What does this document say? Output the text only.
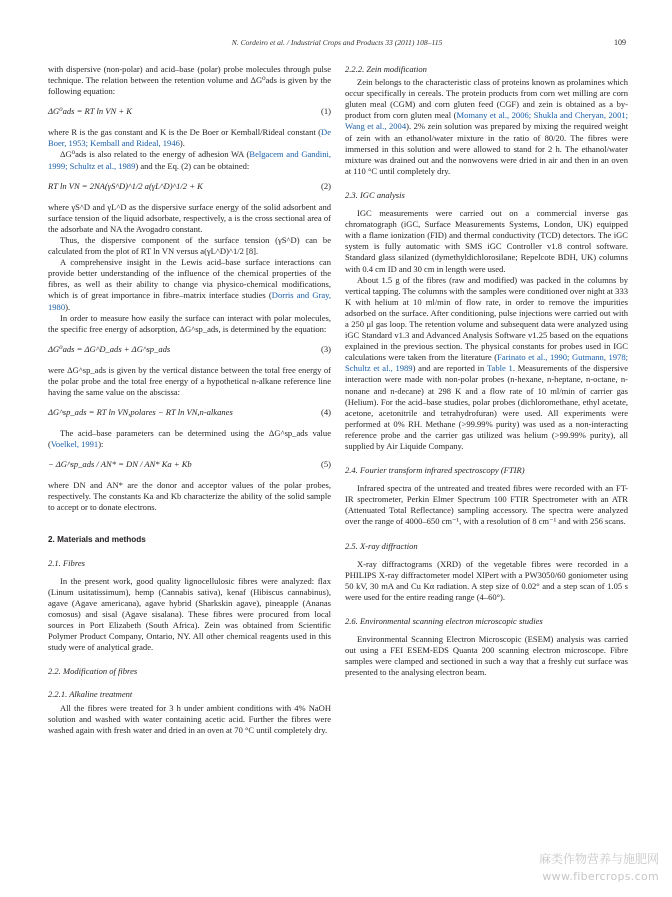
N. Cordeiro et al. / Industrial Crops and Products 33 (2011) 108–115	109

with dispersive (non-polar) and acid–base (polar) probe molecules through pulse technique. The relation between the retention volume and ΔG⁰ads is given by the following equation:

ΔG⁰ads = RT ln VN + K	(1)

where R is the gas constant and K is the De Boer or Kemball/Rideal constant (De Boer, 1953; Kemball and Rideal, 1946).

ΔG⁰ads is also related to the energy of adhesion WA (Belgacem and Gandini, 1999; Schultz et al., 1989) and the Eq. (2) can be obtained:

RT ln VN = 2NA(γS^D)^1/2 a(γL^D)^1/2 + K	(2)

where γS^D and γL^D as the dispersive surface energy of the solid adsorbent and surface tension of the liquid adsorbate, respectively, a is the cross sectional area of the adsorbate and NA the Avogadro constant.

Thus, the dispersive component of the surface tension (γS^D) can be calculated from the plot of RT ln VN versus a(γL^D)^1/2 [8].

A comprehensive insight in the Lewis acid–base surface interactions can provide better understanding of the influence of the chemical properties of the fibres, as well as their ability to change via physico-chemical modifications, which is of great importance in fibre–matrix interface studies (Dorris and Gray, 1980).

In order to measure how easily the surface can interact with polar molecules, the specific free energy of adsorption, ΔG^sp_ads, is determined by the equation:

ΔG⁰ads = ΔG^D_ads + ΔG^sp_ads	(3)

were ΔG^sp_ads is given by the vertical distance between the total free energy of the polar probe and the total free energy of a hypothetical n-alkane reference line having the same value on the abscissa:

ΔG^sp_ads = RT ln VN,polares − RT ln VN,n-alkanes	(4)

The acid–base parameters can be determined using the ΔG^sp_ads value (Voelkel, 1991):

− ΔG^sp_ads / AN* = DN / AN* Ka + Kb	(5)

where DN and AN* are the donor and acceptor values of the polar probes, respectively. The constants Ka and Kb characterize the ability of the solid sample to accept or to donate electrons.

2. Materials and methods
2.1. Fibres

In the present work, good quality lignocellulosic fibres were analyzed: flax (Linum usitatissimum), hemp (Cannabis sativa), kenaf (Hibiscus cannabinus), agave (Agave americana), agave hybrid (Sharkskin agave), pineapple (Ananas comosus) and sisal (Agave sisalana). These fibres were procured from local sources in Port Elizabeth (South Africa). Zein was obtained from Scientific Polymer Product Company, Ontario, NY. All other chemical reagents used in this study were of analytical grade.

2.2. Modification of fibres
2.2.1. Alkaline treatment

All the fibres were treated for 3 h under ambient conditions with 4% NaOH solution and washed with water containing acetic acid. Further the fibres were washed again with fresh water and dried in an oven at 70 °C until completely dry.

2.2.2. Zein modification

Zein belongs to the characteristic class of proteins known as prolamines which occur specifically in cereals. The protein products from corn wet milling are corn gluten meal (CGM) and corn gluten feed (CGF) and zein is obtained as a by-product from corn gluten meal (Momany et al., 2006; Shukla and Cheryan, 2001; Wang et al., 2004). 2% zein solution was prepared by mixing the required weight of zein with an ethanol/water mixture in the ratio of 80/20. The fibres were immersed in this solution and were allowed to stand for 2 h. The ethanol/water mixture was drained out and the nonwovens were dried in air and then in an oven at 110 °C until completely dry.

2.3. IGC analysis

IGC measurements were carried out on a commercial inverse gas chromatograph (iGC, Surface Measurements Systems, London, UK) equipped with a flame ionization (FID) and thermal conductivity (TCD) detectors. The iGC system is fully automatic with SMS iGC Controller v1.8 control software. Standard glass silanized (dymethyldichlorosilane; Repelcote BDH, UK) columns with 0.4 cm ID and 30 cm in length were used.

About 1.5 g of the fibres (raw and modified) was packed in the columns by vertical tapping. The columns with the samples were conditioned over night at 333 K with helium at 10 ml/min of flow rate, in order to remove the impurities adsorbed on the surface. After conditioning, pulse injections were carried out with a 250 μl gas loop. The retention volume and subsequent data were analyzed using iGC Standard v1.3 and Advanced Analysis Software v1.25 based on the equations explained in the previous section. The physical constants for probes used in IGC calculations were taken from the literature (Farinato et al., 1990; Gutmann, 1978; Schultz et al., 1989) and are reported in Table 1. Measurements of the dispersive interaction were made with non-polar probes (n-hexane, n-heptane, n-octane, n-nonane and n-decane) at 298 K and a flow rate of 10 ml/min of carrier gas (Helium). For the acid–base studies, polar probes (dichloromethane, ethyl acetate, acetone, acetonitrile and tetrahydrofuran) were used. All experiments were performed at 0% RH. Methane (>99.99% purity) was used as a non-interacting reference probe and the carrier gas utilized was helium (>99.99% purity), all supplied by Air Liquide Company.

2.4. Fourier transform infrared spectroscopy (FTIR)

Infrared spectra of the untreated and treated fibres were recorded with an FT-IR spectrometer, Perkin Elmer Spectrum 100 FTIR Spectrometer with an ATR (Attenuated Total Reflectance) sampling accessory. The spectra were analyzed over the range of 4000–650 cm⁻¹, with a resolution of 8 cm⁻¹ and with 256 scans.

2.5. X-ray diffraction

X-ray diffractograms (XRD) of the vegetable fibres were recorded in a PHILIPS X-ray diffractometer model XlPert with a PW3050/60 goniometer using 50 kV, 30 mA and Cu Kα radiation. A step size of 0.02° and a step scan of 1.05 s were used for the entire reading range (4–60°).

2.6. Environmental scanning electron microscopic studies

Environmental Scanning Electron Microscopic (ESEM) analysis was carried out using a FEI ESEM-EDS Quanta 200 scanning electron microscope. Fibre samples were clamped and sectioned in such a way that a freshly cut surface was presented to the analysing electron beam.

麻类作物营养与施肥网
www.fibercrops.com
